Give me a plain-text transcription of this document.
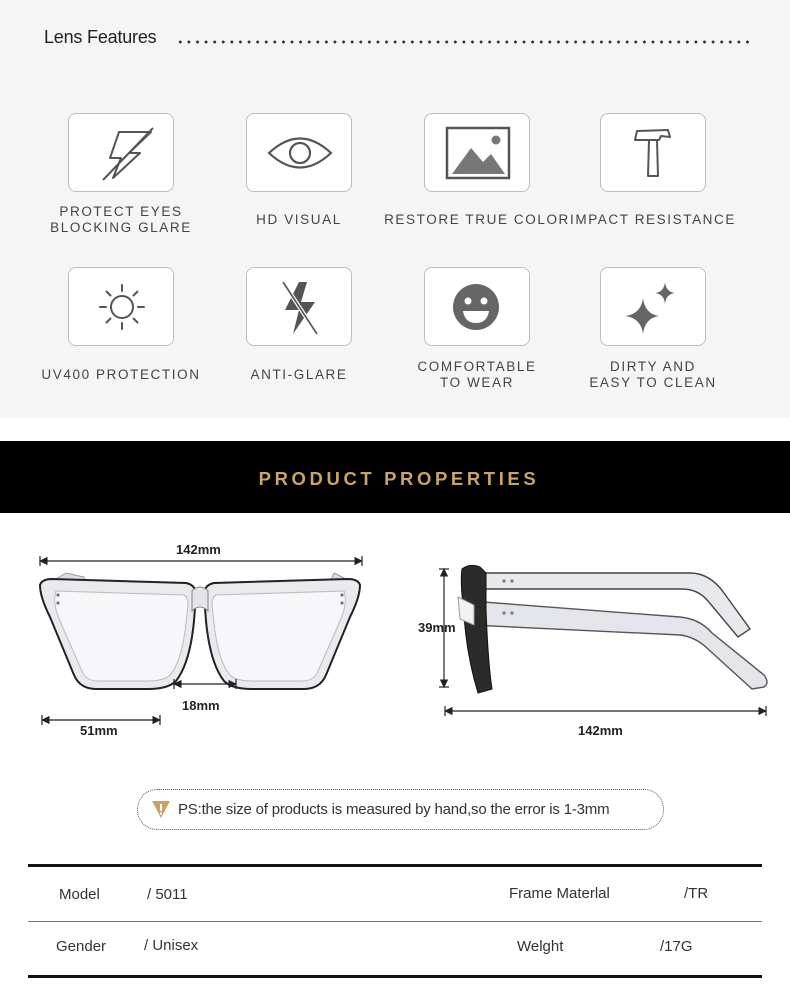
Lens Features
PROTECT EYES
BLOCKING GLARE
HD VISUAL	RESTORE TRUE COLOR IMPACT RESISTANCE
UV400 PROTECTION	ANTI-GLARE
COMFORTABLE
TO WEAR
DIRTY AND
EASY TO CLEAN
PRODUCT PROPERTIES
142mm
18mm
51mm
39mm
142mm
PS:the size of products is measured by hand,so the error is 1-3mm
Model	/ 5011	Frame Materlal	/TR
Gender	/ Unisex	Welght	/17G
